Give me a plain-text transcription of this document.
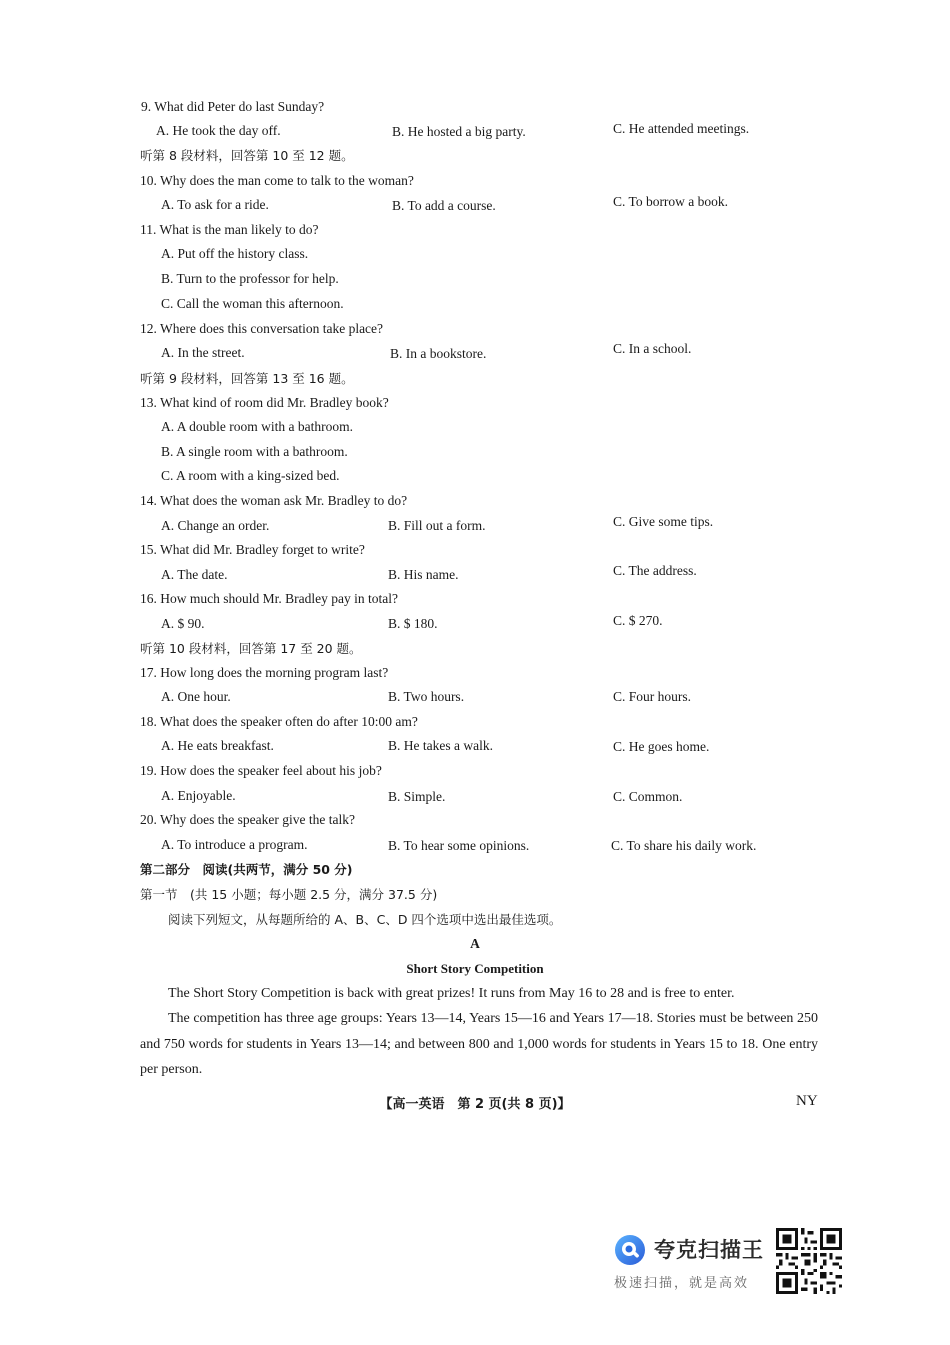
9. What did Peter do last Sunday?
A. He took the day off.	B. He hosted a big party.	C. He attended meetings.
听第 8 段材料，回答第 10 至 12 题。
10. Why does the man come to talk to the woman?
A. To ask for a ride.	B. To add a course.	C. To borrow a book.
11. What is the man likely to do?
A. Put off the history class.
B. Turn to the professor for help.
C. Call the woman this afternoon.
12. Where does this conversation take place?
A. In the street.	B. In a bookstore.	C. In a school.
听第 9 段材料，回答第 13 至 16 题。
13. What kind of room did Mr. Bradley book?
A. A double room with a bathroom.
B. A single room with a bathroom.
C. A room with a king-sized bed.
14. What does the woman ask Mr. Bradley to do?
A. Change an order.	B. Fill out a form.	C. Give some tips.
15. What did Mr. Bradley forget to write?
A. The date.	B. His name.	C. The address.
16. How much should Mr. Bradley pay in total?
A. $ 90.	B. $ 180.	C. $ 270.
听第 10 段材料，回答第 17 至 20 题。
17. How long does the morning program last?
A. One hour.	B. Two hours.	C. Four hours.
18. What does the speaker often do after 10:00 am?
A. He eats breakfast.	B. He takes a walk.	C. He goes home.
19. How does the speaker feel about his job?
A. Enjoyable.	B. Simple.	C. Common.
20. Why does the speaker give the talk?
A. To introduce a program.	B. To hear some opinions.	C. To share his daily work.
第二部分　阅读(共两节，满分 50 分)
第一节　(共 15 小题；每小题 2.5 分，满分 37.5 分)
阅读下列短文，从每题所给的 A、B、C、D 四个选项中选出最佳选项。
A
Short Story Competition
The Short Story Competition is back with great prizes! It runs from May 16 to 28 and is free to enter.
The competition has three age groups: Years 13—14, Years 15—16 and Years 17—18. Stories must be between 250 and 750 words for students in Years 13—14; and between 800 and 1,000 words for students in Years 15 to 18. One entry per person.
【高一英语　第 2 页(共 8 页)】	NY
夸克扫描王
极速扫描，就是高效
